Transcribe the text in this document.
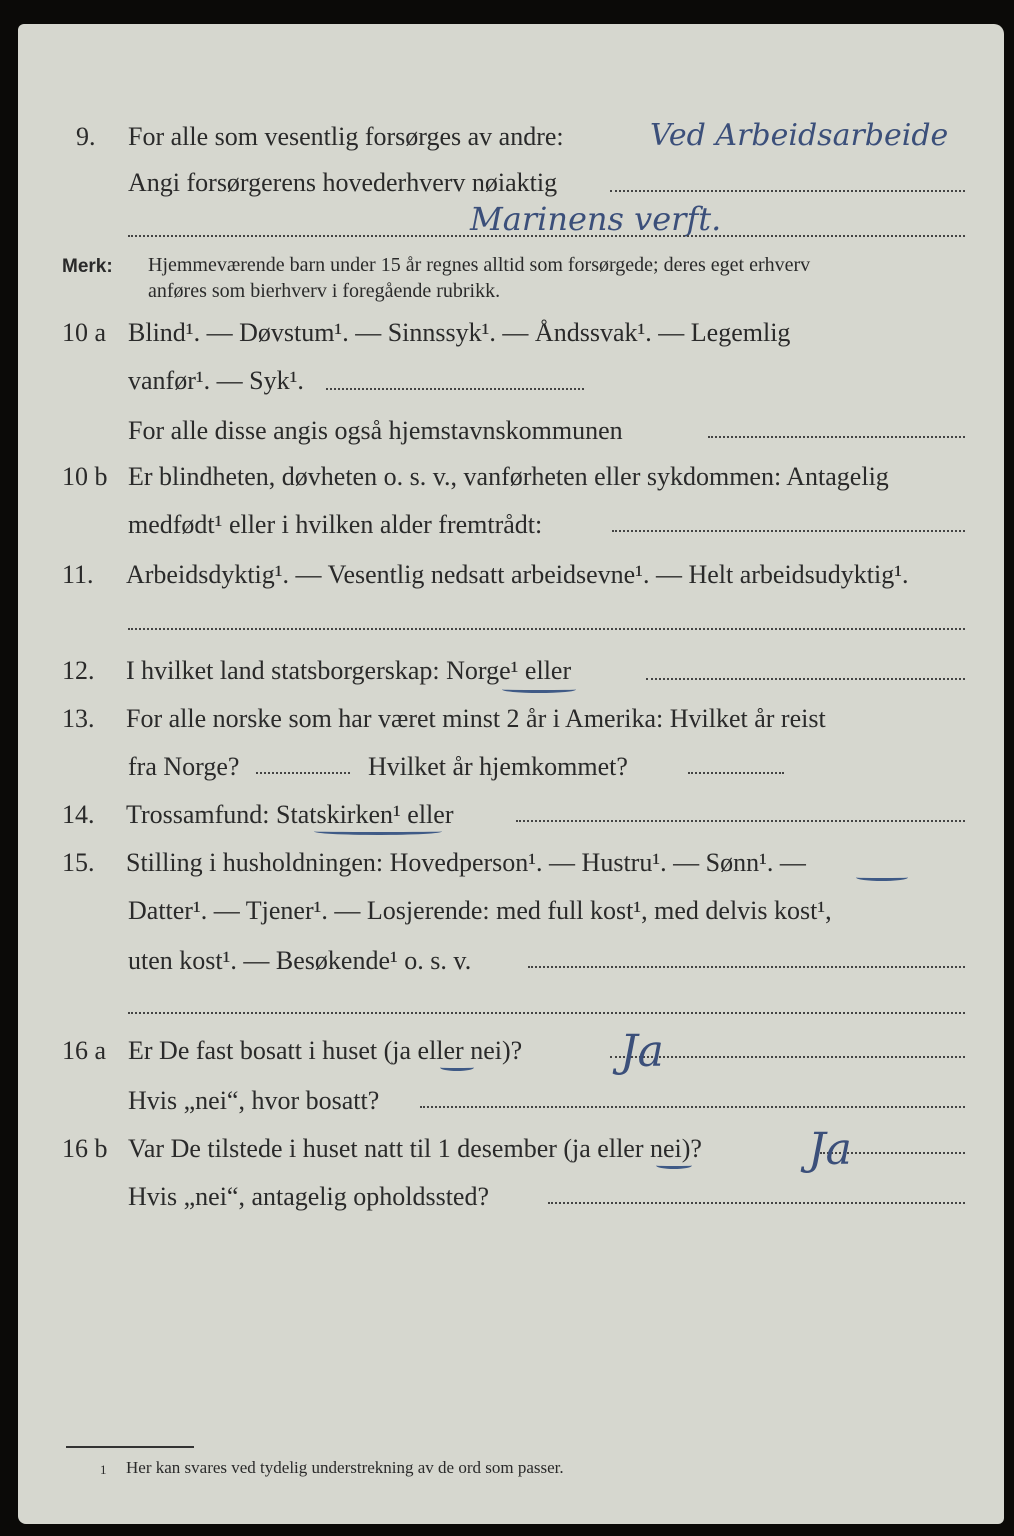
9. For alle som vesentlig forsørges av andre:	Ved Arbeidsarbeide
Angi forsørgerens hovederhverv nøiaktig
Marinens verft.
Merk: Hjemmeværende barn under 15 år regnes alltid som forsørgede; deres eget erhverv
anføres som bierhverv i foregående rubrikk.
10 a Blind¹. — Døvstum¹. — Sinnssyk¹. — Åndssvak¹. — Legemlig
vanfør¹. — Syk¹.
For alle disse angis også hjemstavnskommunen
10 b Er blindheten, døvheten o. s. v., vanførheten eller sykdommen: Antagelig
medfødt¹ eller i hvilken alder fremtrådt:
11. Arbeidsdyktig¹. — Vesentlig nedsatt arbeidsevne¹. — Helt arbeidsudyktig¹.
12. I hvilket land statsborgerskap: Norge¹ eller
13. For alle norske som har været minst 2 år i Amerika: Hvilket år reist
fra Norge?	Hvilket år hjemkommet?
14. Trossamfund: Statskirken¹ eller
15. Stilling i husholdningen: Hovedperson¹. — Hustru¹. — Sønn¹. —
Datter¹. — Tjener¹. — Losjerende: med full kost¹, med delvis kost¹,
uten kost¹. — Besøkende¹ o. s. v.
16 a Er De fast bosatt i huset (ja eller nei)? Ja
Hvis „nei“, hvor bosatt?
16 b Var De tilstede i huset natt til 1 desember (ja eller nei)? Ja
Hvis „nei“, antagelig opholdssted?
1 Her kan svares ved tydelig understrekning av de ord som passer.
